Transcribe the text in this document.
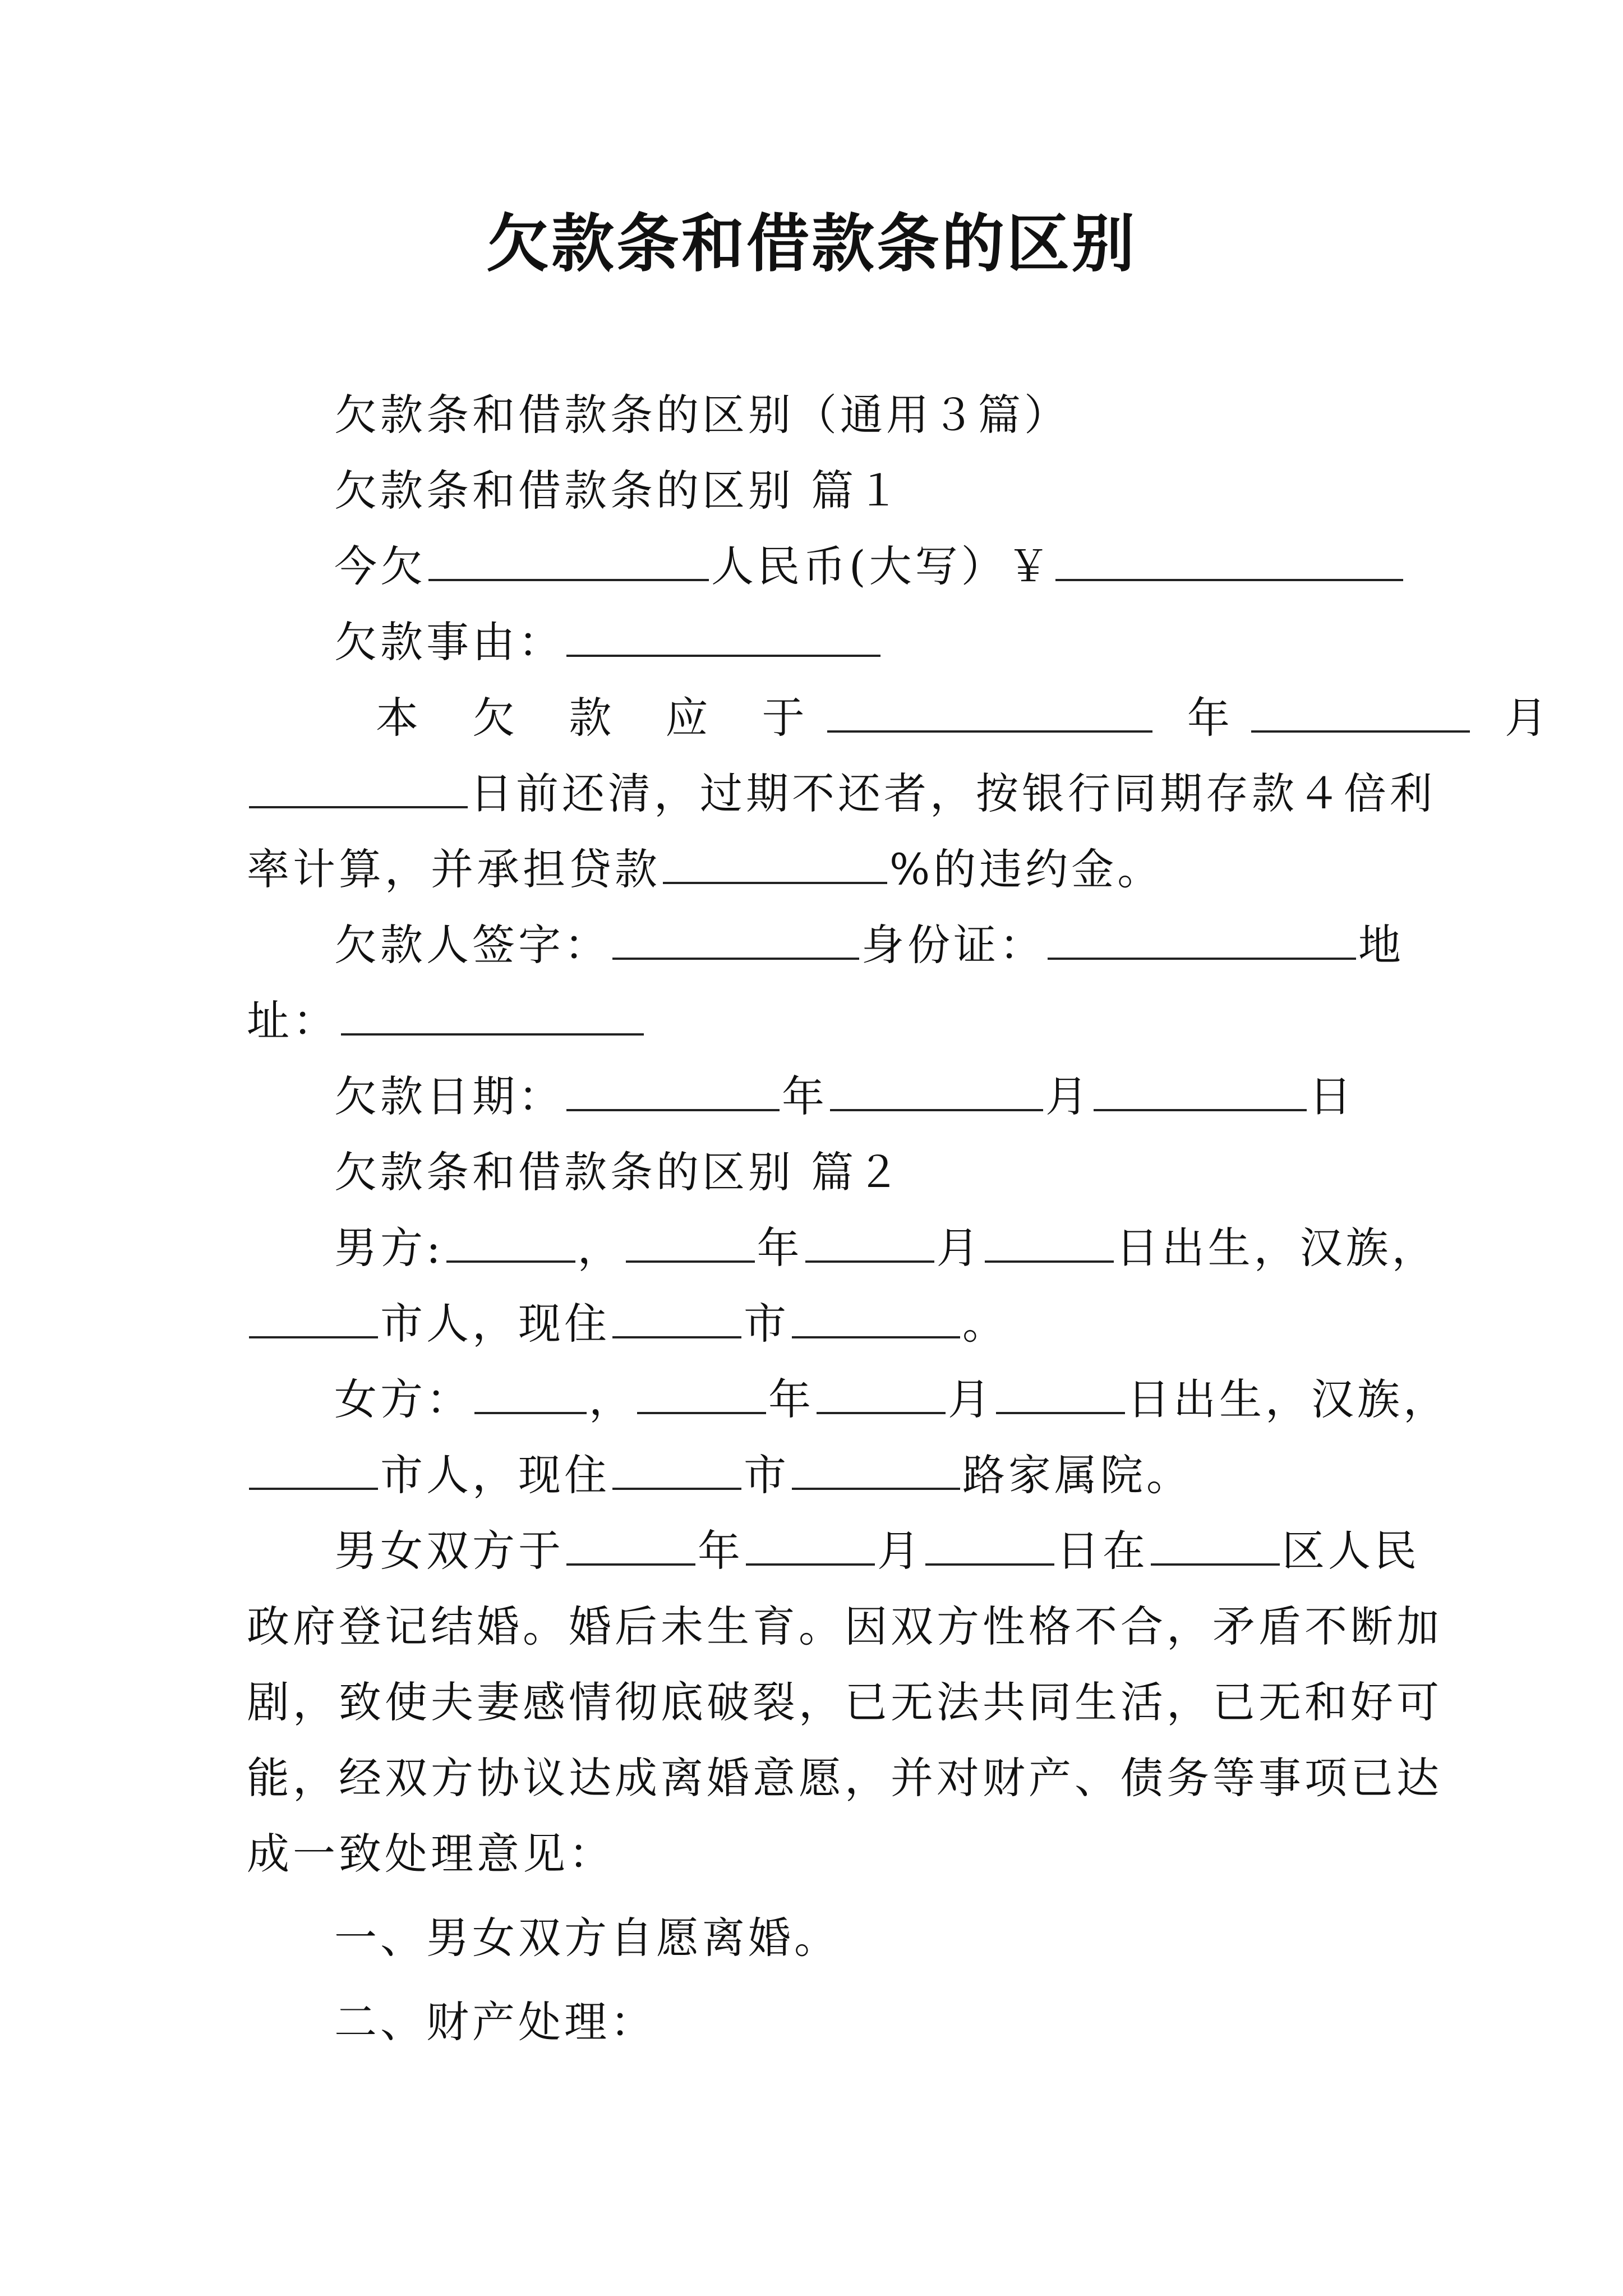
欠款条和借款条的区别
欠款条和借款条的区别（通用３篇）
欠款条和借款条的区别 篇１
今欠	人民币(大写）￥
欠款事由：
本 欠 款 应 于	年	月
日前还清，过期不还者，按银行同期存款４倍利
率计算，并承担贷款	%的违约金。
欠款人签字：	身份证：	地
址：
欠款日期：	年	月	日
欠款条和借款条的区别 篇２
男方:	，	年	月	日出生，汉族，
市人，现住	市	。
女方：	，	年	月	日出生，汉族，
市人，现住	市	路家属院。
男女双方于	年	月	日在	区人民
政府登记结婚。婚后未生育。因双方性格不合，矛盾不断加
剧，致使夫妻感情彻底破裂，已无法共同生活，已无和好可
能，经双方协议达成离婚意愿，并对财产、债务等事项已达
成一致处理意见：
一、男女双方自愿离婚。
二、财产处理：
